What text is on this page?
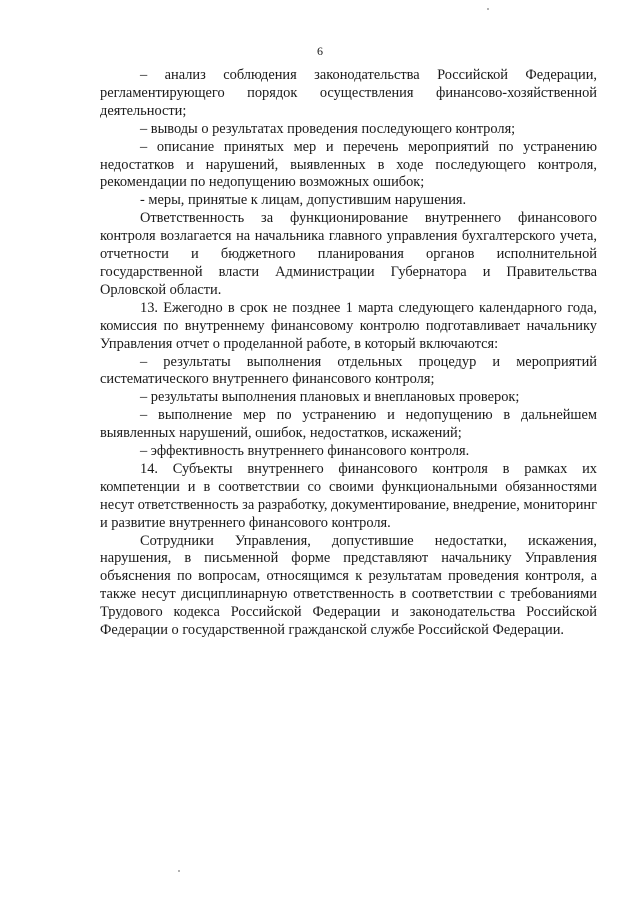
6

– анализ соблюдения законодательства Российской Федерации, регламентирующего порядок осуществления финансово-хозяйственной деятельности;

– выводы о результатах проведения последующего контроля;

– описание принятых мер и перечень мероприятий по устранению недостатков и нарушений, выявленных в ходе последующего контроля, рекомендации по недопущению возможных ошибок;

- меры, принятые к лицам, допустившим нарушения.

Ответственность за функционирование внутреннего финансового контроля возлагается на начальника главного управления бухгалтерского учета, отчетности и бюджетного планирования органов исполнительной государственной власти Администрации Губернатора и Правительства Орловской области.

13. Ежегодно в срок не позднее 1 марта следующего календарного года, комиссия по внутреннему финансовому контролю подготавливает начальнику Управления отчет о проделанной работе, в который включаются:

– результаты выполнения отдельных процедур и мероприятий систематического внутреннего финансового контроля;

– результаты выполнения плановых и внеплановых проверок;

– выполнение мер по устранению и недопущению в дальнейшем выявленных нарушений, ошибок, недостатков, искажений;

– эффективность внутреннего финансового контроля.

14. Субъекты внутреннего финансового контроля в рамках их компетенции и в соответствии со своими функциональными обязанностями несут ответственность за разработку, документирование, внедрение, мониторинг и развитие внутреннего финансового контроля.

Сотрудники Управления, допустившие недостатки, искажения, нарушения, в письменной форме представляют начальнику Управления объяснения по вопросам, относящимся к результатам проведения контроля, а также несут дисциплинарную ответственность в соответствии с требованиями Трудового кодекса Российской Федерации и законодательства Российской Федерации о государственной гражданской службе Российской Федерации.
